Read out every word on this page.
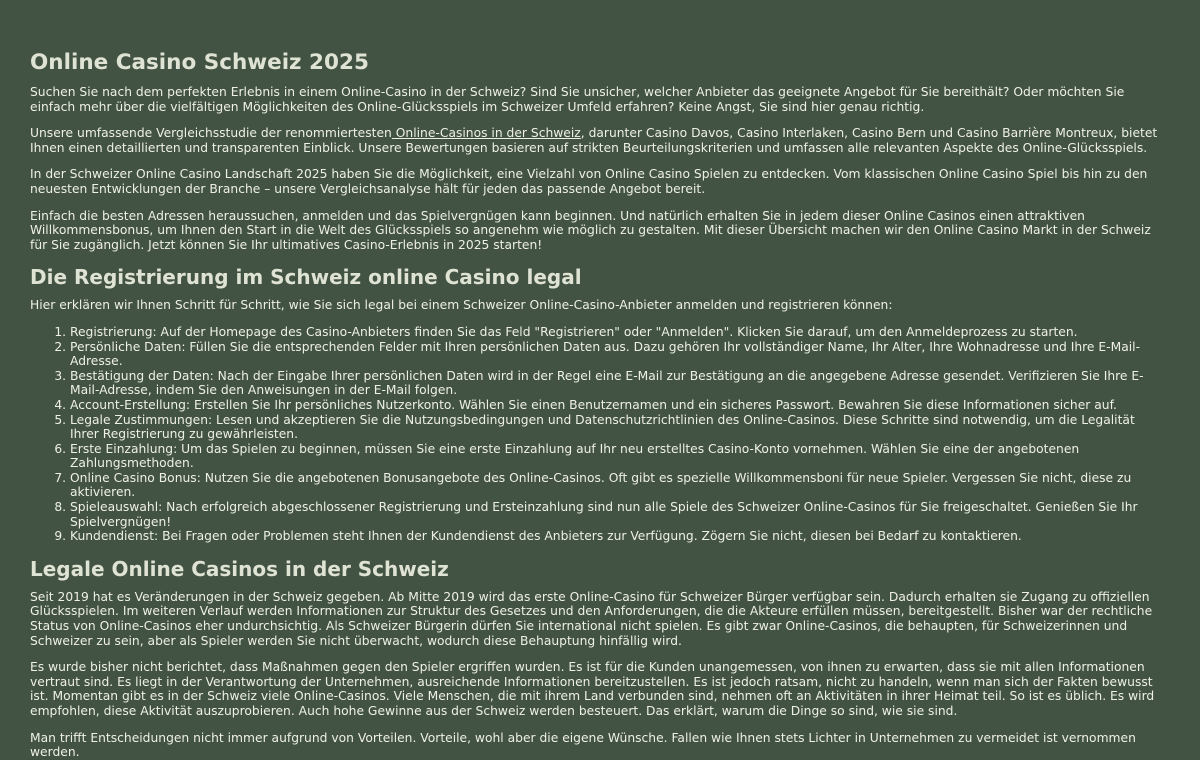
Online Casino Schweiz 2025

Suchen Sie nach dem perfekten Erlebnis in einem Online-Casino in der Schweiz? Sind Sie unsicher, welcher Anbieter das geeignete Angebot für Sie bereithält? Oder möchten Sie einfach mehr über die vielfältigen Möglichkeiten des Online-Glücksspiels im Schweizer Umfeld erfahren? Keine Angst, Sie sind hier genau richtig.

Unsere umfassende Vergleichsstudie der renommiertesten Online-Casinos in der Schweiz, darunter Casino Davos, Casino Interlaken, Casino Bern und Casino Barrière Montreux, bietet Ihnen einen detaillierten und transparenten Einblick. Unsere Bewertungen basieren auf strikten Beurteilungskriterien und umfassen alle relevanten Aspekte des Online-Glücksspiels.

In der Schweizer Online Casino Landschaft 2025 haben Sie die Möglichkeit, eine Vielzahl von Online Casino Spielen zu entdecken. Vom klassischen Online Casino Spiel bis hin zu den neuesten Entwicklungen der Branche – unsere Vergleichsanalyse hält für jeden das passende Angebot bereit.

Einfach die besten Adressen heraussuchen, anmelden und das Spielvergnügen kann beginnen. Und natürlich erhalten Sie in jedem dieser Online Casinos einen attraktiven Willkommensbonus, um Ihnen den Start in die Welt des Glücksspiels so angenehm wie möglich zu gestalten. Mit dieser Übersicht machen wir den Online Casino Markt in der Schweiz für Sie zugänglich. Jetzt können Sie Ihr ultimatives Casino-Erlebnis in 2025 starten!

Die Registrierung im Schweiz online Casino legal

Hier erklären wir Ihnen Schritt für Schritt, wie Sie sich legal bei einem Schweizer Online-Casino-Anbieter anmelden und registrieren können:

1. Registrierung: Auf der Homepage des Casino-Anbieters finden Sie das Feld "Registrieren" oder "Anmelden". Klicken Sie darauf, um den Anmeldeprozess zu starten.
2. Persönliche Daten: Füllen Sie die entsprechenden Felder mit Ihren persönlichen Daten aus. Dazu gehören Ihr vollständiger Name, Ihr Alter, Ihre Wohnadresse und Ihre E-Mail-Adresse.
3. Bestätigung der Daten: Nach der Eingabe Ihrer persönlichen Daten wird in der Regel eine E-Mail zur Bestätigung an die angegebene Adresse gesendet. Verifizieren Sie Ihre E-Mail-Adresse, indem Sie den Anweisungen in der E-Mail folgen.
4. Account-Erstellung: Erstellen Sie Ihr persönliches Nutzerkonto. Wählen Sie einen Benutzernamen und ein sicheres Passwort. Bewahren Sie diese Informationen sicher auf.
5. Legale Zustimmungen: Lesen und akzeptieren Sie die Nutzungsbedingungen und Datenschutzrichtlinien des Online-Casinos. Diese Schritte sind notwendig, um die Legalität Ihrer Registrierung zu gewährleisten.
6. Erste Einzahlung: Um das Spielen zu beginnen, müssen Sie eine erste Einzahlung auf Ihr neu erstelltes Casino-Konto vornehmen. Wählen Sie eine der angebotenen Zahlungsmethoden.
7. Online Casino Bonus: Nutzen Sie die angebotenen Bonusangebote des Online-Casinos. Oft gibt es spezielle Willkommensboni für neue Spieler. Vergessen Sie nicht, diese zu aktivieren.
8. Spieleauswahl: Nach erfolgreich abgeschlossener Registrierung und Ersteinzahlung sind nun alle Spiele des Schweizer Online-Casinos für Sie freigeschaltet. Genießen Sie Ihr Spielvergnügen!
9. Kundendienst: Bei Fragen oder Problemen steht Ihnen der Kundendienst des Anbieters zur Verfügung. Zögern Sie nicht, diesen bei Bedarf zu kontaktieren.
Legale Online Casinos in der Schweiz

Seit 2019 hat es Veränderungen in der Schweiz gegeben. Ab Mitte 2019 wird das erste Online-Casino für Schweizer Bürger verfügbar sein. Dadurch erhalten sie Zugang zu offiziellen Glücksspielen. Im weiteren Verlauf werden Informationen zur Struktur des Gesetzes und den Anforderungen, die die Akteure erfüllen müssen, bereitgestellt. Bisher war der rechtliche Status von Online-Casinos eher undurchsichtig. Als Schweizer Bürgerin dürfen Sie international nicht spielen. Es gibt zwar Online-Casinos, die behaupten, für Schweizerinnen und Schweizer zu sein, aber als Spieler werden Sie nicht überwacht, wodurch diese Behauptung hinfällig wird.

Es wurde bisher nicht berichtet, dass Maßnahmen gegen den Spieler ergriffen wurden. Es ist für die Kunden unangemessen, von ihnen zu erwarten, dass sie mit allen Informationen vertraut sind. Es liegt in der Verantwortung der Unternehmen, ausreichende Informationen bereitzustellen. Es ist jedoch ratsam, nicht zu handeln, wenn man sich der Fakten bewusst ist. Momentan gibt es in der Schweiz viele Online-Casinos. Viele Menschen, die mit ihrem Land verbunden sind, nehmen oft an Aktivitäten in ihrer Heimat teil. So ist es üblich. Es wird empfohlen, diese Aktivität auszuprobieren. Auch hohe Gewinne aus der Schweiz werden besteuert. Das erklärt, warum die Dinge so sind, wie sie sind.

Man trifft Entscheidungen nicht immer aufgrund von Vorteilen. Vorteile, wohl aber die eigene Wünsche. Fallen wie Ihnen stets Lichter in Unternehmen zu vermeidet ist vernommen werden.
